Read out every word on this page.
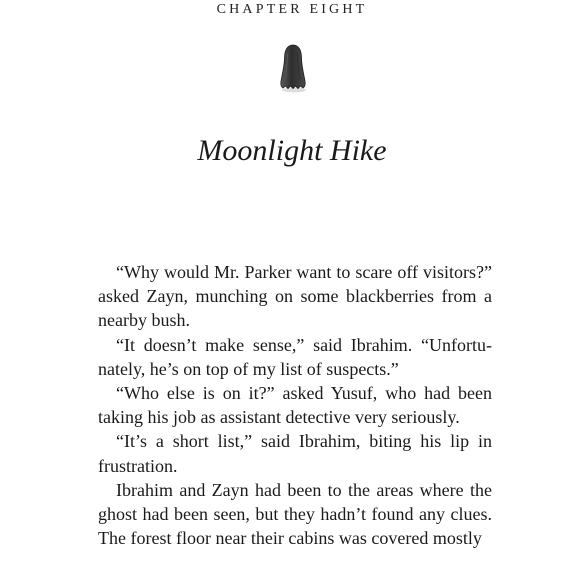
CHAPTER EIGHT

Moonlight Hike

“Why would Mr. Parker want to scare off visitors?” asked Zayn, munching on some blackberries from a nearby bush.

“It doesn’t make sense,” said Ibrahim. “Unfortunately, he’s on top of my list of suspects.”

“Who else is on it?” asked Yusuf, who had been taking his job as assistant detective very seriously.

“It’s a short list,” said Ibrahim, biting his lip in frustration.

Ibrahim and Zayn had been to the areas where the ghost had been seen, but they hadn’t found any clues. The forest floor near their cabins was covered mostly
